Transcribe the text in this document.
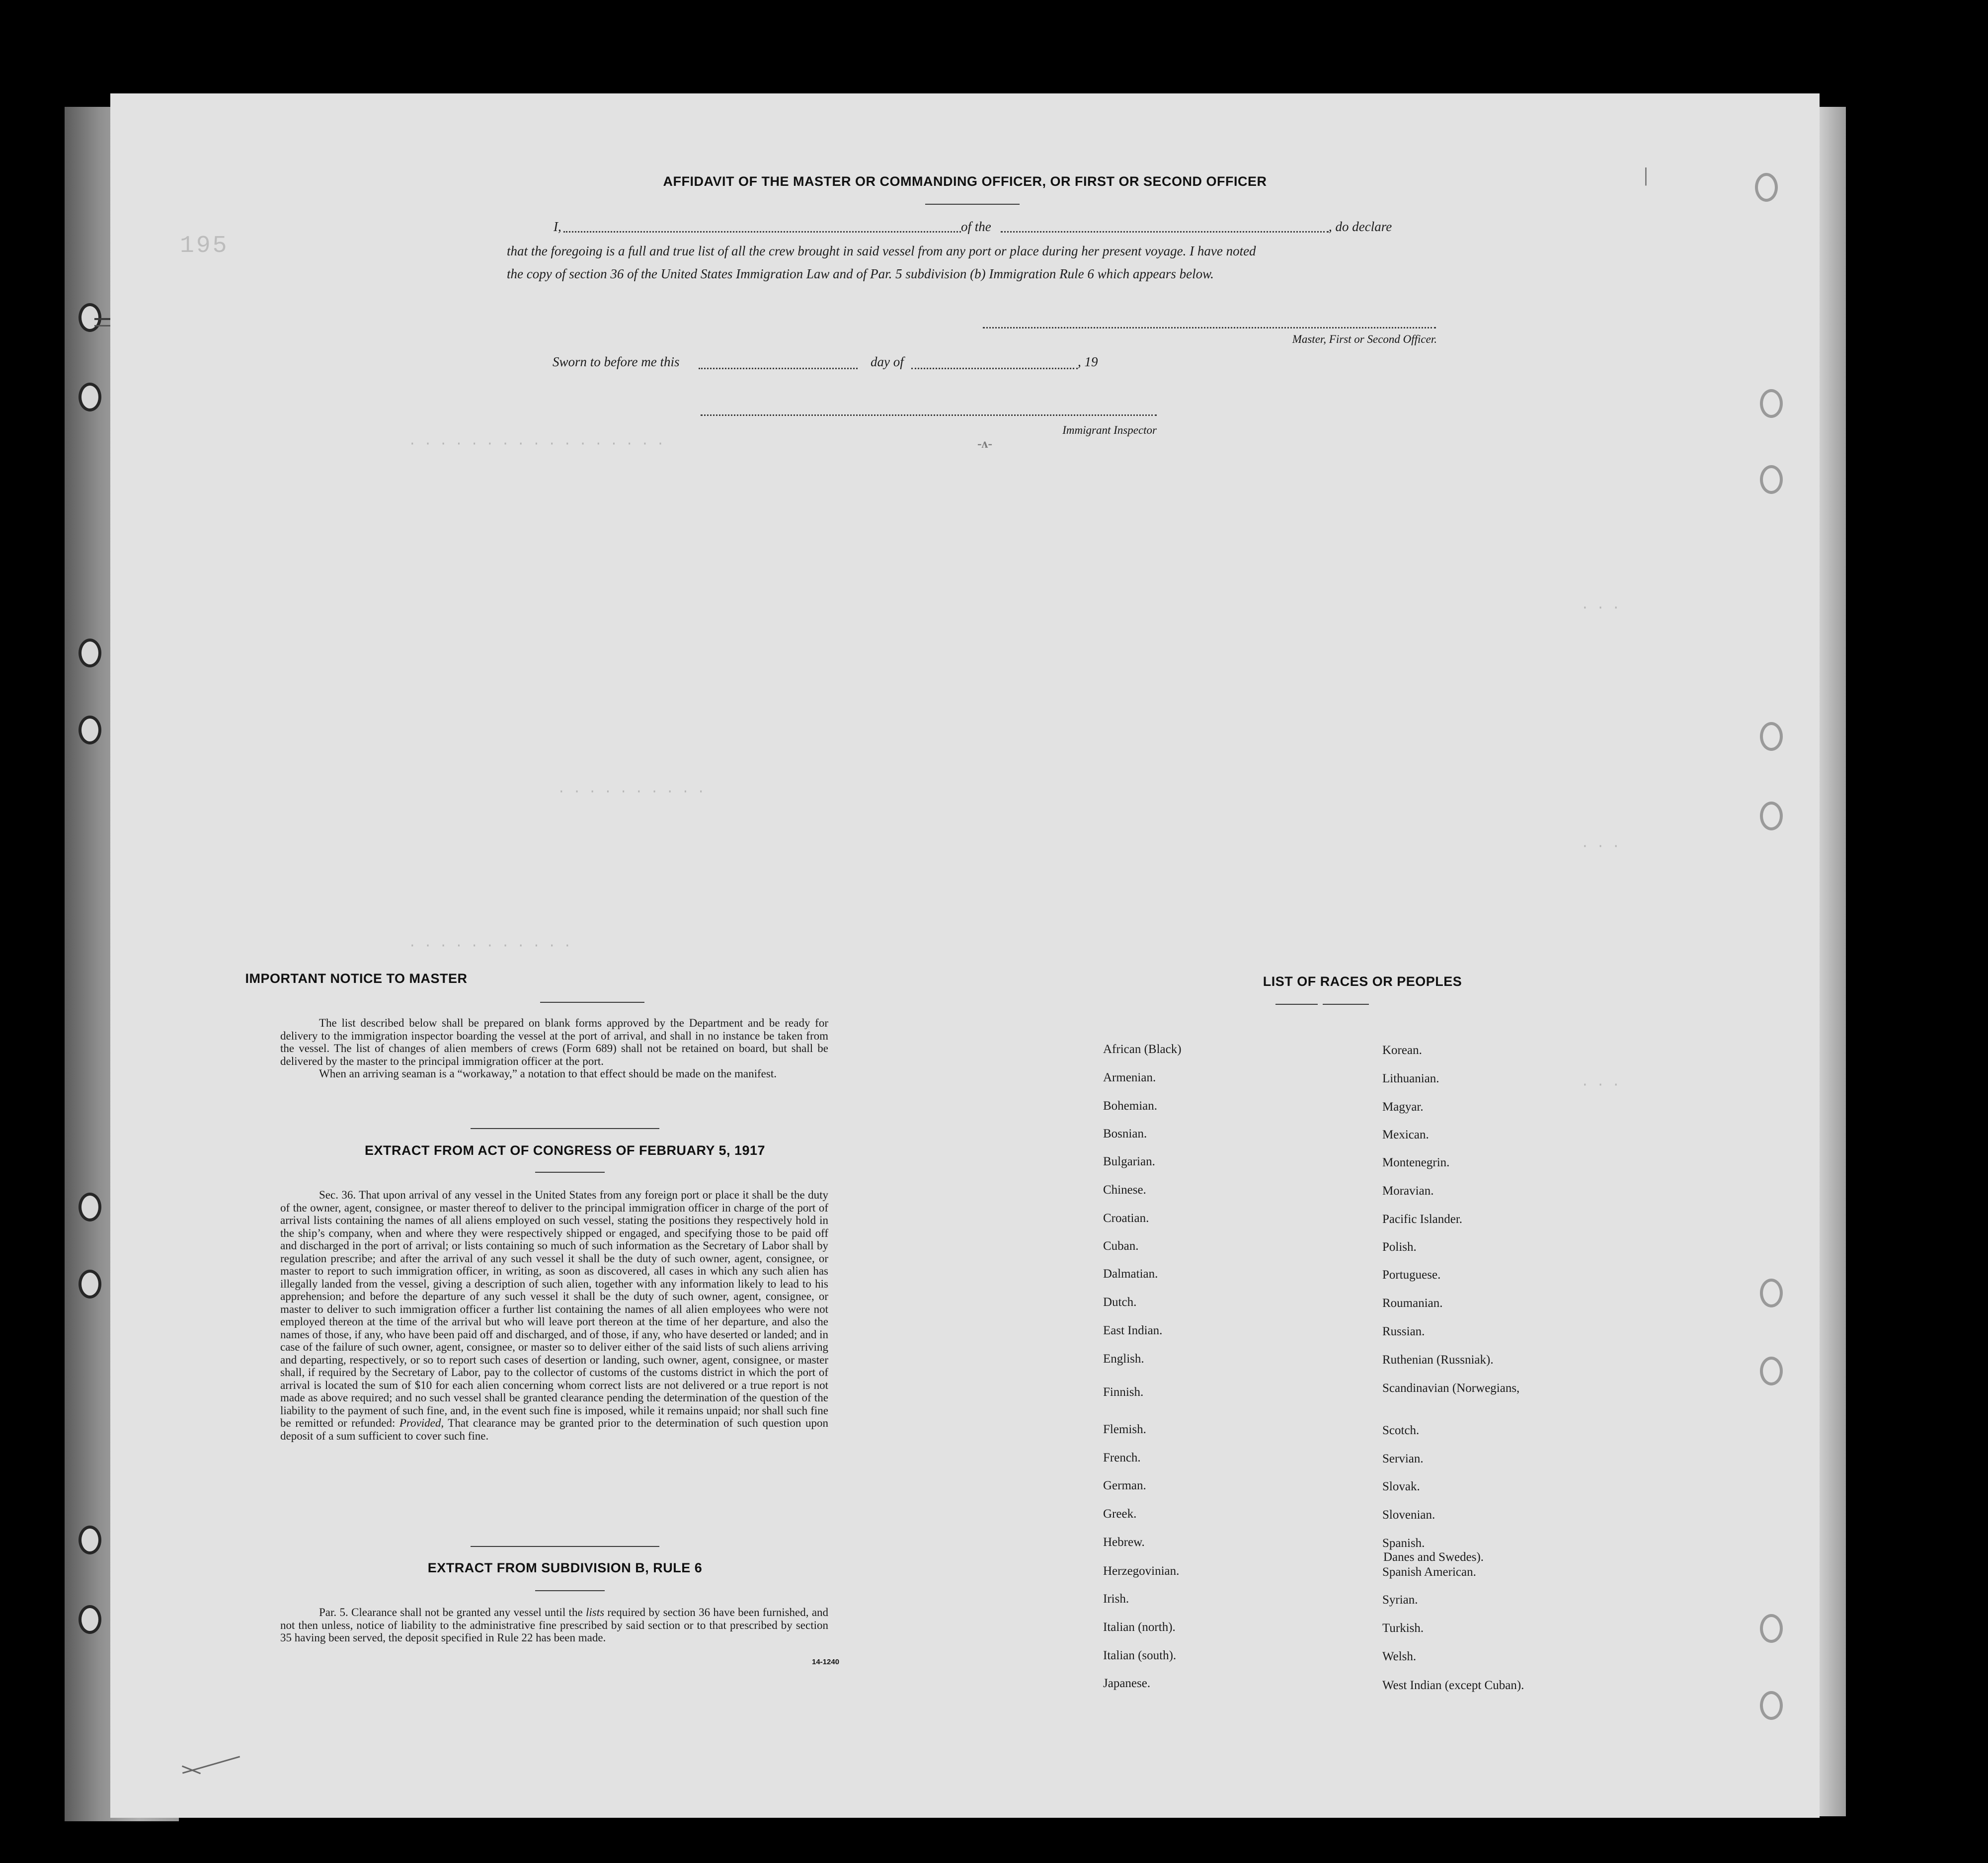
195
· · · · · · · · · · · · · · · · ·
· · · · · · · · · ·
· · · · · · · · · · ·
· · ·
· · ·
· · ·
AFFIDAVIT OF THE MASTER OR COMMANDING OFFICER, OR FIRST OR SECOND OFFICER
I,	of the	, do declare
that the foregoing is a full and true list of all the crew brought in said vessel from any port or place during her present voyage. I have noted
the copy of section 36 of the United States Immigration Law and of Par. 5 subdivision (b) Immigration Rule 6 which appears below.
Master, First or Second Officer.
Sworn to before me this	day of	, 19
Immigrant Inspector
IMPORTANT NOTICE TO MASTER

The list described below shall be prepared on blank forms approved by the Department and be ready for delivery to the immigration inspector boarding the vessel at the port of arrival, and shall in no instance be taken from the vessel. The list of changes of alien members of crews (Form 689) shall not be retained on board, but shall be delivered by the master to the principal immigration officer at the port.

When an arriving seaman is a “workaway,” a notation to that effect should be made on the manifest.

EXTRACT FROM ACT OF CONGRESS OF FEBRUARY 5, 1917

Sec. 36. That upon arrival of any vessel in the United States from any foreign port or place it shall be the duty of the owner, agent, consignee, or master thereof to deliver to the principal immigration officer in charge of the port of arrival lists containing the names of all aliens employed on such vessel, stating the positions they respectively hold in the ship’s company, when and where they were respectively shipped or engaged, and specifying those to be paid off and discharged in the port of arrival; or lists containing so much of such information as the Secretary of Labor shall by regulation prescribe; and after the arrival of any such vessel it shall be the duty of such owner, agent, consignee, or master to report to such immigration officer, in writing, as soon as discovered, all cases in which any such alien has illegally landed from the vessel, giving a description of such alien, together with any information likely to lead to his apprehension; and before the departure of any such vessel it shall be the duty of such owner, agent, consignee, or master to deliver to such immigration officer a further list containing the names of all alien employees who were not employed thereon at the time of the arrival but who will leave port thereon at the time of her departure, and also the names of those, if any, who have been paid off and discharged, and of those, if any, who have deserted or landed; and in case of the failure of such owner, agent, consignee, or master so to deliver either of the said lists of such aliens arriving and departing, respectively, or so to report such cases of desertion or landing, such owner, agent, consignee, or master shall, if required by the Secretary of Labor, pay to the collector of customs of the customs district in which the port of arrival is located the sum of $10 for each alien concerning whom correct lists are not delivered or a true report is not made as above required; and no such vessel shall be granted clearance pending the determination of the question of the liability to the payment of such fine, and, in the event such fine is imposed, while it remains unpaid; nor shall such fine be remitted or refunded: Provided, That clearance may be granted prior to the determination of such question upon deposit of a sum sufficient to cover such fine.

EXTRACT FROM SUBDIVISION B, RULE 6

Par. 5. Clearance shall not be granted any vessel until the lists required by section 36 have been furnished, and not then unless, notice of liability to the administrative fine prescribed by said section or to that prescribed by section 35 having been served, the deposit specified in Rule 22 has been made.

14-1240
LIST OF RACES OR PEOPLES
Danes and Swedes).
|
-ᴧ-
African (Black)
Armenian.
Bohemian.
Bosnian.
Bulgarian.
Chinese.
Croatian.
Cuban.
Dalmatian.
Dutch.
East Indian.
English.
Finnish.
Flemish.
French.
German.
Greek.
Hebrew.
Herzegovinian.
Irish.
Italian (north).
Italian (south).
Japanese.
Korean.
Lithuanian.
Magyar.
Mexican.
Montenegrin.
Moravian.
Pacific Islander.
Polish.
Portuguese.
Roumanian.
Russian.
Ruthenian (Russniak).
Scandinavian (Norwegians,
Scotch.
Servian.
Slovak.
Slovenian.
Spanish.
Spanish American.
Syrian.
Turkish.
Welsh.
West Indian (except Cuban).
